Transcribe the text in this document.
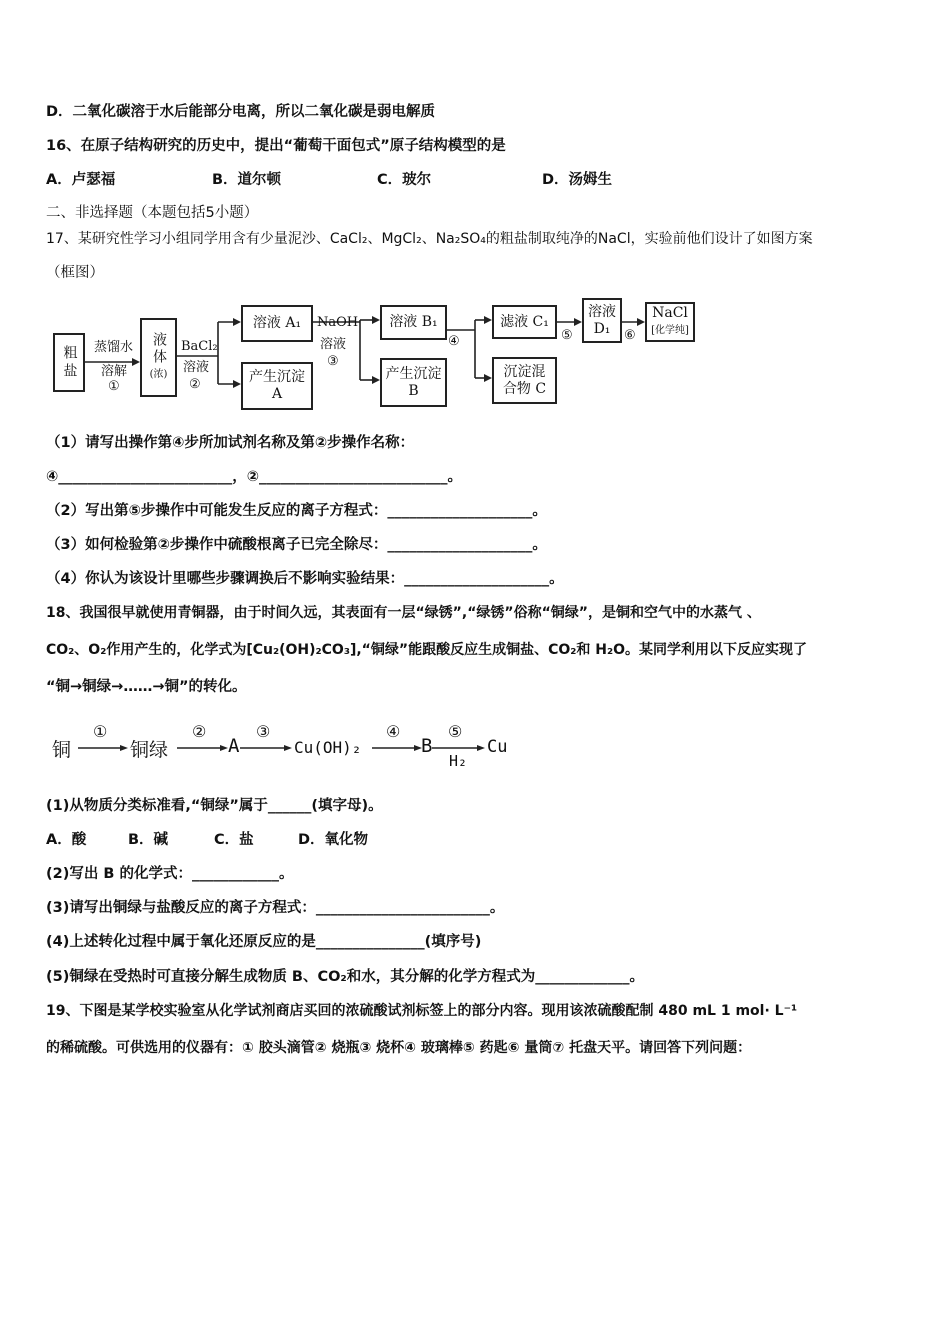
D．二氧化碳溶于水后能部分电离，所以二氧化碳是弱电解质
16、在原子结构研究的历史中，提出“葡萄干面包式”原子结构模型的是
A．卢瑟福	B．道尔顿	C．玻尔	D．汤姆生
二、非选择题（本题包括5小题）
17、某研究性学习小组同学用含有少量泥沙、CaCl₂、MgCl₂、Na₂SO₄的粗盐制取纯净的NaCl，实验前他们设计了如图方案
（框图）
粗盐	液体
(浓)
溶液 A₁
产生沉淀
A
溶液 B₁
产生沉淀
B
滤液 C₁
沉淀混
合物 C
溶液
D₁
NaCl
[化学纯]
蒸馏水
溶解
①
BaCl₂
溶液
②
NaOH
溶液
③
④	⑤	⑥
（1）请写出操作第④步所加试剂名称及第②步操作名称：
④________________________，②__________________________。
（2）写出第⑤步操作中可能发生反应的离子方程式：____________________。
（3）如何检验第②步操作中硫酸根离子已完全除尽：____________________。
（4）你认为该设计里哪些步骤调换后不影响实验结果：____________________。
18、我国很早就使用青铜器，由于时间久远，其表面有一层“绿锈”,“绿锈”俗称“铜绿”，是铜和空气中的水蒸气 、
CO₂、O₂作用产生的，化学式为[Cu₂(OH)₂CO₃],“铜绿”能跟酸反应生成铜盐、CO₂和 H₂O。某同学利用以下反应实现了
“铜→铜绿→……→铜”的转化。
铜	铜绿	A	Cu(OH)₂	B	Cu
①	②	③	④	⑤
H₂
(1)从物质分类标准看,“铜绿”属于______(填字母)。
A．酸	B．碱	C．盐	D．氧化物
(2)写出 B 的化学式：____________。
(3)请写出铜绿与盐酸反应的离子方程式：________________________。
(4)上述转化过程中属于氧化还原反应的是_______________(填序号)
(5)铜绿在受热时可直接分解生成物质 B、CO₂和水，其分解的化学方程式为_____________。
19、下图是某学校实验室从化学试剂商店买回的浓硫酸试剂标签上的部分内容。现用该浓硫酸配制 480 mL 1 mol· L⁻¹
的稀硫酸。可供选用的仪器有：① 胶头滴管② 烧瓶③ 烧杯④ 玻璃棒⑤ 药匙⑥ 量筒⑦ 托盘天平。请回答下列问题：
